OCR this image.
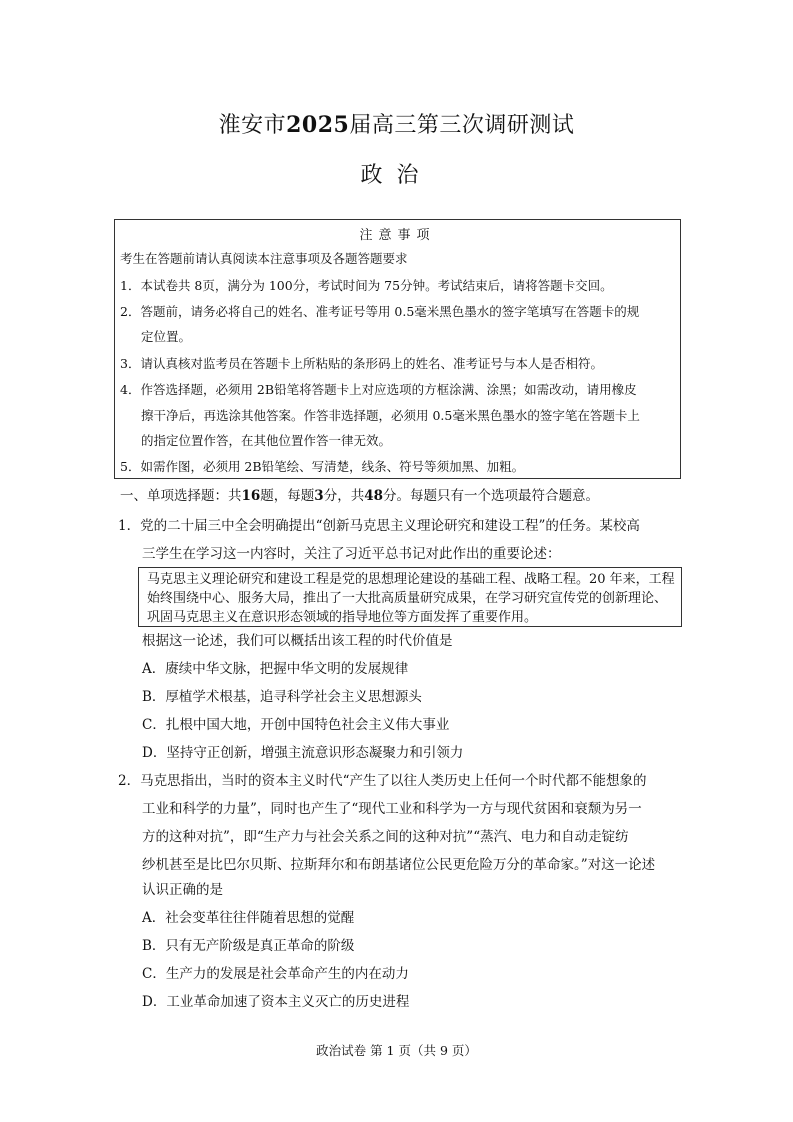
淮安市2025届高三第三次调研测试
政治
注意事项
考生在答题前请认真阅读本注意事项及各题答题要求
1．本试卷共 8页，满分为 100分，考试时间为 75分钟。考试结束后，请将答题卡交回。
2．答题前，请务必将自己的姓名、准考证号等用 0.5毫米黑色墨水的签字笔填写在答题卡的规
定位置。
3．请认真核对监考员在答题卡上所粘贴的条形码上的姓名、准考证号与本人是否相符。
4．作答选择题，必须用 2B铅笔将答题卡上对应选项的方框涂满、涂黑；如需改动，请用橡皮
擦干净后，再选涂其他答案。作答非选择题，必须用 0.5毫米黑色墨水的签字笔在答题卡上
的指定位置作答，在其他位置作答一律无效。
5．如需作图，必须用 2B铅笔绘、写清楚，线条、符号等须加黑、加粗。
一、单项选择题：共16题，每题3分，共48分。每题只有一个选项最符合题意。
1．党的二十届三中全会明确提出“创新马克思主义理论研究和建设工程”的任务。某校高
三学生在学习这一内容时，关注了习近平总书记对此作出的重要论述：
马克思主义理论研究和建设工程是党的思想理论建设的基础工程、战略工程。20 年来，工程始终围绕中心、服务大局，推出了一大批高质量研究成果，在学习研究宣传党的创新理论、巩固马克思主义在意识形态领域的指导地位等方面发挥了重要作用。
根据这一论述，我们可以概括出该工程的时代价值是
A．赓续中华文脉，把握中华文明的发展规律
B．厚植学术根基，追寻科学社会主义思想源头
C．扎根中国大地，开创中国特色社会主义伟大事业
D．坚持守正创新，增强主流意识形态凝聚力和引领力
2．马克思指出，当时的资本主义时代“产生了以往人类历史上任何一个时代都不能想象的
工业和科学的力量”，同时也产生了“现代工业和科学为一方与现代贫困和衰颓为另一
方的这种对抗”，即“生产力与社会关系之间的这种对抗”“蒸汽、电力和自动走锭纺
纱机甚至是比巴尔贝斯、拉斯拜尔和布朗基诸位公民更危险万分的革命家。”对这一论述
认识正确的是
A．社会变革往往伴随着思想的觉醒
B．只有无产阶级是真正革命的阶级
C．生产力的发展是社会革命产生的内在动力
D．工业革命加速了资本主义灭亡的历史进程
政治试卷 第 1 页（共 9 页）
